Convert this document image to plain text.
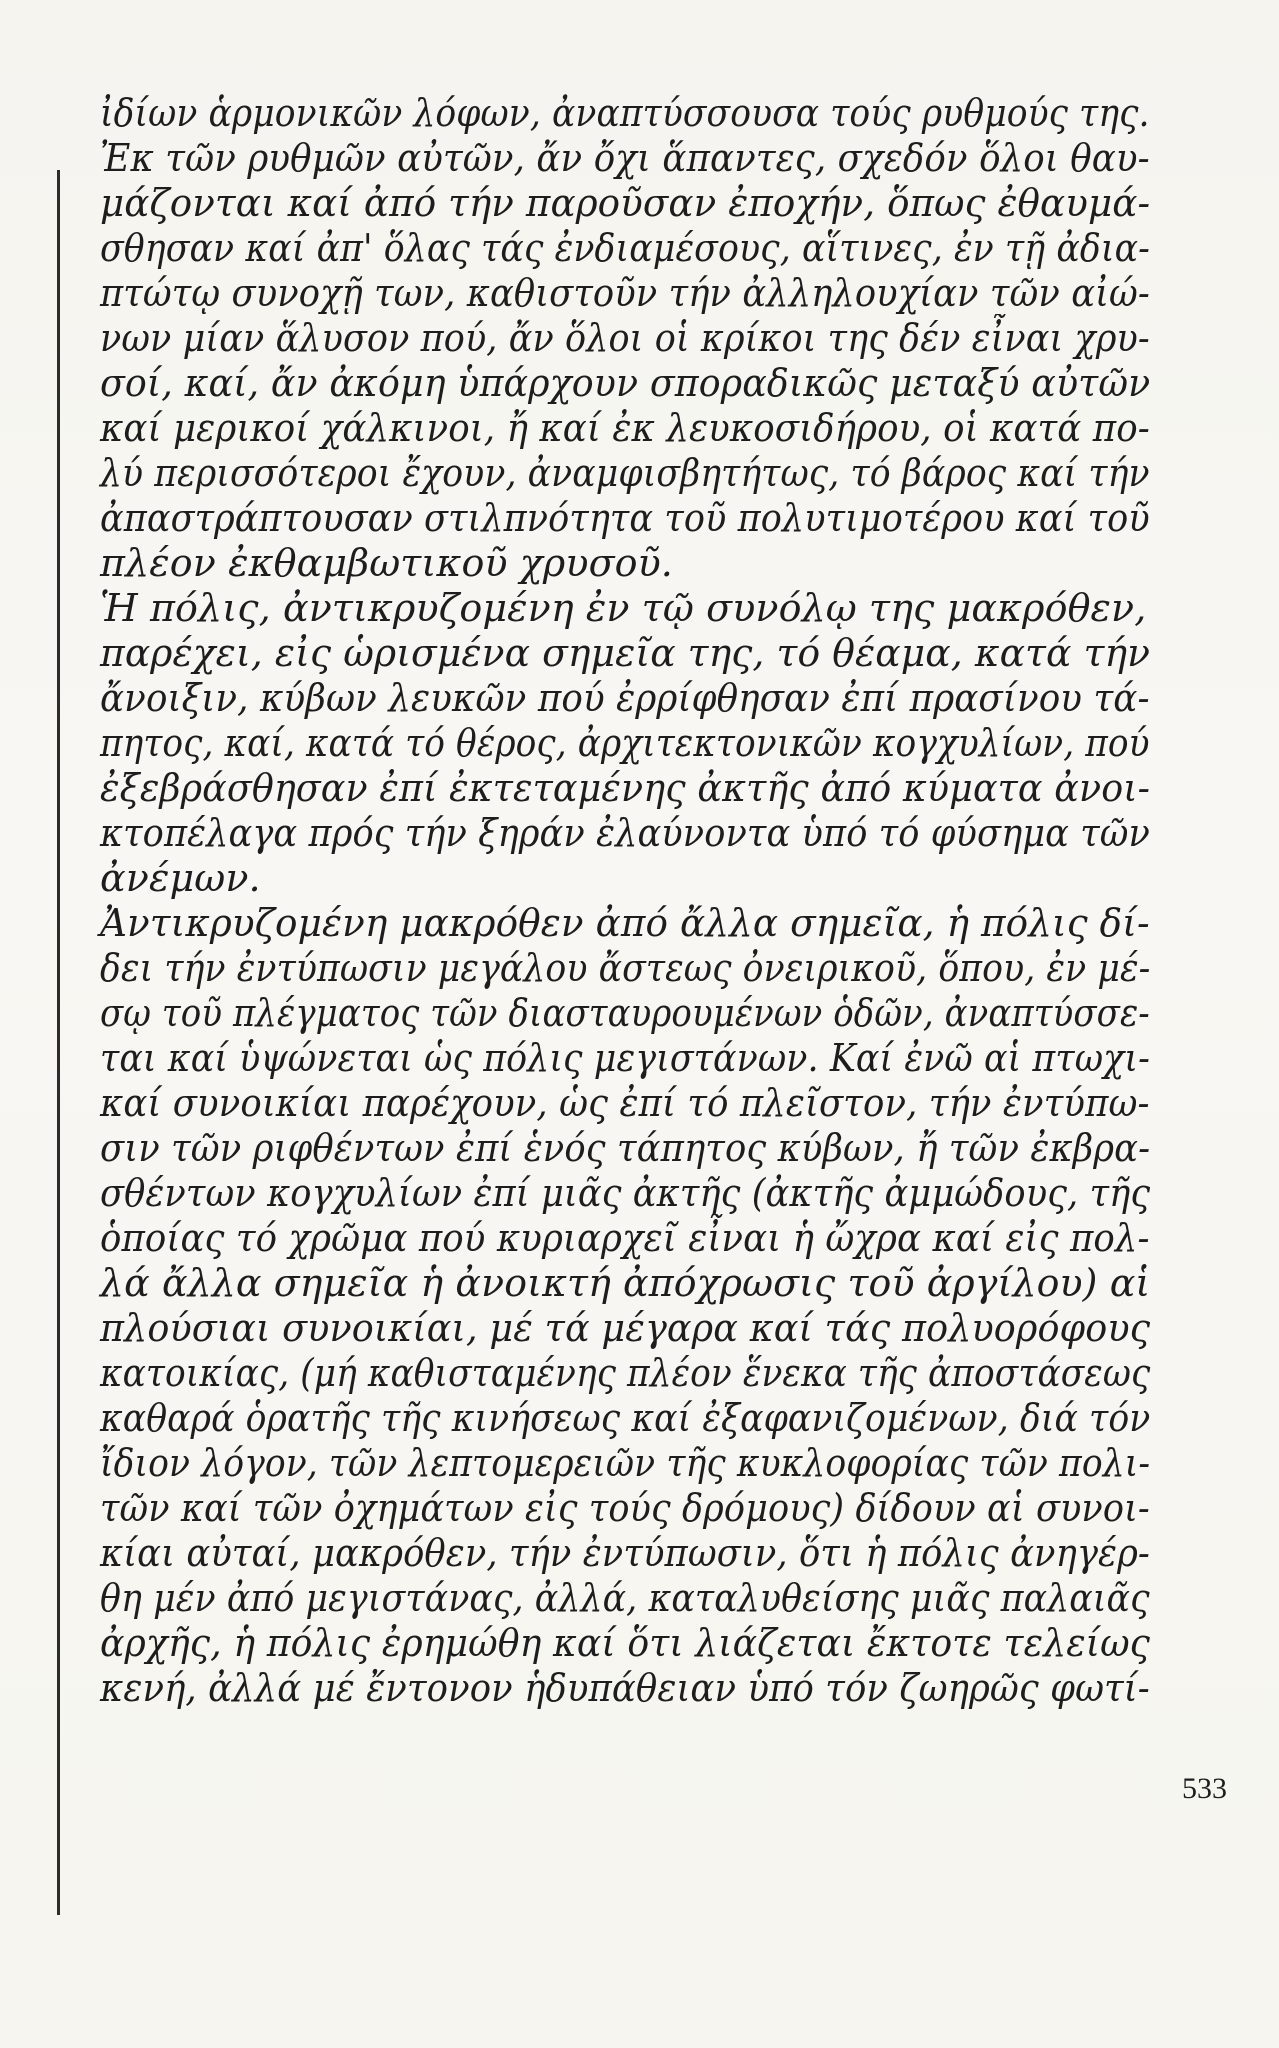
ἰδίων ἁρμονικῶν λόφων, ἀναπτύσσουσα τούς ρυθμούς της.
Ἐκ τῶν ρυθμῶν αὐτῶν, ἄν ὄχι ἅπαντες, σχεδόν ὅλοι θαυ-
μάζονται καί ἀπό τήν παροῦσαν ἐποχήν, ὅπως ἐθαυμά-
σθησαν καί ἀπ' ὅλας τάς ἐνδιαμέσους, αἵτινες, ἐν τῇ ἀδια-
πτώτῳ συνοχῇ των, καθιστοῦν τήν ἀλληλουχίαν τῶν αἰώ-
νων μίαν ἅλυσον πού, ἄν ὅλοι οἱ κρίκοι της δέν εἶναι χρυ-
σοί, καί, ἄν ἀκόμη ὑπάρχουν σποραδικῶς μεταξύ αὐτῶν
καί μερικοί χάλκινοι, ἤ καί ἐκ λευκοσιδήρου, οἱ κατά πο-
λύ περισσότεροι ἔχουν, ἀναμφισβητήτως, τό βάρος καί τήν
ἀπαστράπτουσαν στιλπνότητα τοῦ πολυτιμοτέρου καί τοῦ
πλέον ἐκθαμβωτικοῦ χρυσοῦ.
Ἡ πόλις, ἀντικρυζομένη ἐν τῷ συνόλῳ της μακρόθεν,
παρέχει, εἰς ὡρισμένα σημεῖα της, τό θέαμα, κατά τήν
ἄνοιξιν, κύβων λευκῶν πού ἐρρίφθησαν ἐπί πρασίνου τά-
πητος, καί, κατά τό θέρος, ἀρχιτεκτονικῶν κογχυλίων, πού
ἐξεβράσθησαν ἐπί ἐκτεταμένης ἀκτῆς ἀπό κύματα ἀνοι-
κτοπέλαγα πρός τήν ξηράν ἐλαύνοντα ὑπό τό φύσημα τῶν
ἀνέμων.
Ἀντικρυζομένη μακρόθεν ἀπό ἄλλα σημεῖα, ἡ πόλις δί-
δει τήν ἐντύπωσιν μεγάλου ἄστεως ὀνειρικοῦ, ὅπου, ἐν μέ-
σῳ τοῦ πλέγματος τῶν διασταυρουμένων ὁδῶν, ἀναπτύσσε-
ται καί ὑψώνεται ὡς πόλις μεγιστάνων. Καί ἐνῶ αἱ πτωχι-
καί συνοικίαι παρέχουν, ὡς ἐπί τό πλεῖστον, τήν ἐντύπω-
σιν τῶν ριφθέντων ἐπί ἑνός τάπητος κύβων, ἤ τῶν ἐκβρα-
σθέντων κογχυλίων ἐπί μιᾶς ἀκτῆς (ἀκτῆς ἀμμώδους, τῆς
ὁποίας τό χρῶμα πού κυριαρχεῖ εἶναι ἡ ὤχρα καί εἰς πολ-
λά ἄλλα σημεῖα ἡ ἀνοικτή ἀπόχρωσις τοῦ ἀργίλου) αἱ
πλούσιαι συνοικίαι, μέ τά μέγαρα καί τάς πολυορόφους
κατοικίας, (μή καθισταμένης πλέον ἕνεκα τῆς ἀποστάσεως
καθαρά ὁρατῆς τῆς κινήσεως καί ἐξαφανιζομένων, διά τόν
ἴδιον λόγον, τῶν λεπτομερειῶν τῆς κυκλοφορίας τῶν πολι-
τῶν καί τῶν ὀχημάτων εἰς τούς δρόμους) δίδουν αἱ συνοι-
κίαι αὐταί, μακρόθεν, τήν ἐντύπωσιν, ὅτι ἡ πόλις ἀνηγέρ-
θη μέν ἀπό μεγιστάνας, ἀλλά, καταλυθείσης μιᾶς παλαιᾶς
ἀρχῆς, ἡ πόλις ἐρημώθη καί ὅτι λιάζεται ἔκτοτε τελείως
κενή, ἀλλά μέ ἔντονον ἡδυπάθειαν ὑπό τόν ζωηρῶς φωτί-
533
